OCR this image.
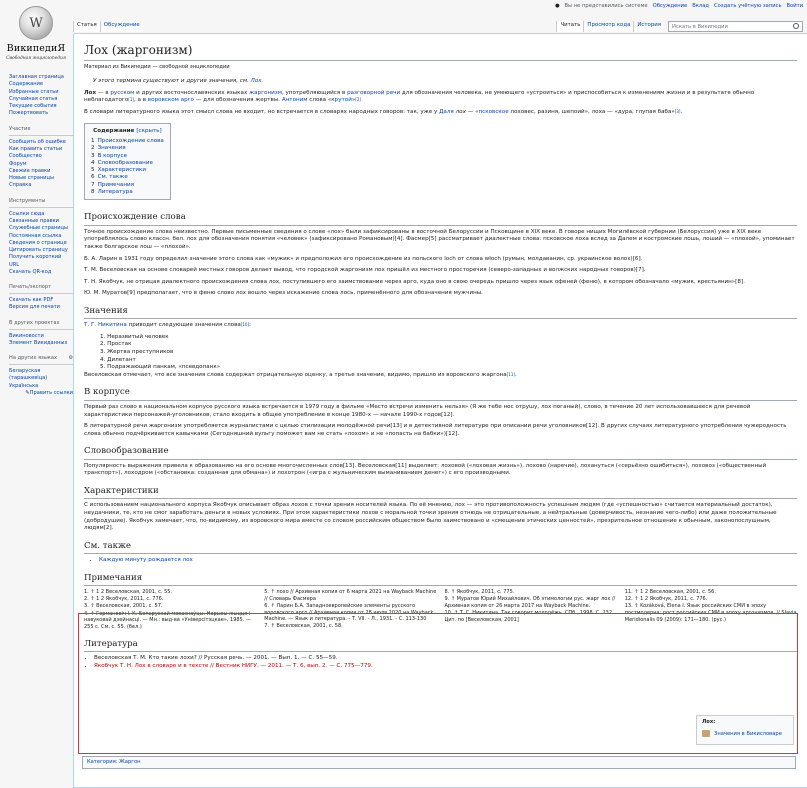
● Вы не представились системе Обсуждение Вклад Создать учётную запись Войти
W
ВикипедиЯ
Свободная энциклопедия
Заглавная страница
Содержание
Избранные статьи
Случайная статья
Текущие события
Пожертвовать
Участие
Сообщить об ошибке
Как править статьи
Сообщество
Форум
Свежие правки
Новые страницы
Справка
Инструменты
Ссылки сюда
Связанные правки
Служебные страницы
Постоянная ссылка
Сведения о странице
Цитировать страницу
Получить короткий URL
Скачать QR-код
Печать/экспорт
Скачать как PDF
Версия для печати
В других проектах
Викиновости
Элемент Викиданных
На других языках ⚙
Беларуская (тарашкевіца)
Українська
✎Править ссылки
Статья	Обсуждение	Читать	Просмотр кода	История	Искать в Википедии
Лох (жаргонизм)
Материал из Википедии — свободной энциклопедии
У этого термина существуют и другие значения, см. Лох.

Лох — в русском и других восточнославянских языках жаргонизм, употребляющийся в разговорной речи для обозначения человека, не умеющего «устроиться» и приспособиться к изменениям жизни и в результате обычно неблагодатого[1], а в воровском арго — для обозначения жертвы. Антоним слова «крутой»[2]

В словари литературного языка этот смысл слова не входит, но встречается в словарях народных говоров: так, уже у Даля лох — «псковское лоховес, разиня, шепоий», лоха — «дура, глупая баба»[3].

Содержание [скрыть]
1 Происхождение слова
2 Значения
3 В корпусе
4 Словообразование
5 Характеристики
6 См. также
7 Примечания
8 Литература
Происхождение слова

Точное происхождение слова неизвестно. Первые письменные сведения о слове «лох» были зафиксированы в восточной Белоруссии и Псковщине в XIX веке. В говоре нищих Могилёвской губернии (Белоруссия) уже в XIX веке употреблялось слово классн. бел. лох для обозначения понятия «человек» (зафиксировано Романовым)[4]. Фасмер[5] рассматривает диалектные слова: псковское лоха вслед за Далем и костромские лошь, лоший — «плохой», упоминает также болгарское лош — «плохой».

Б. А. Ларин в 1931 году определил значение этого слова как «мужик» и предположил его происхождение из польского loch от слова włoch (румын, молдаванин, ср. украинское волох)[6].

Т. М. Веселовская на основе словарей местных говоров делает вывод, что городской жаргонизм лох пришёл из местного просторечия (северо-западных и волжских народных говоров)[7].

Т. Н. Якобчук, не отрицая диалектного происхождения слова лох, поступившего его заимствование через арго, куда оно в свою очередь пришло через язык офеней (феню), в котором обозначало «мужик, крестьянин»[8].

Ю. М. Муратов[9] предполагает, что в феню слово лох вошло через искажение слова лось, применённого для обозначения мужчины.

Значения

Т. Г. Никитина приводит следующие значения слова[10]:

1. Неразвитый человек
2. Простак
3. Жертва преступников
4. Дилетант
5. Подражающий панкам, «псевдопанк»

Веселовская отмечает, что все значения слова содержат отрицательную оценку, а третье значение, видимо, пришло из воровского жаргона[11].

В корпусе

Первый раз слово в национальном корпусе русского языка встречается в 1979 году в фильме «Место встречи изменить нельзя» (Я же тебе нос отрушу, лох поганый), слово, в течение 20 лет использовавшееся для речевой характеристики персонажей-уголовников, стало входить в общее употребление в конце 1980-х — начале 1990-х годов[12].

В литературной речи жаргонизм употребляется журналистами с целью стилизации молодёжной речи[13] и в детективной литературе при описании речи уголовников[12]. В других случаях литературного употребления чужеродность слова обычно подчёркивается кавычками (Сегодняшний вульгу поможет вам не стать «лохом» и не «попасть на бабки»)[12].

Словообразование

Популярность выражения привела к образованию на его основе многочисленных слов[13]. Веселовская[11] выделяет: лоховой («лоховая жизнь»), лохово (наречие), лохануться («серьёзно ошибиться»), лоховоз («общественный транспорт»), лоходром («обстановка: созданная для обмана») и лохотрон («игра с жульническим выманиванием денег») с его производными.

Характеристики

С использованием национального корпуса Якобчук описывает образ лохов с точки зрения носителей языка. По её мнению, лох — это противоположность успешным людям (где «успешностью» считается материальный достаток), неудачники, те, кто не смог заработать деньги в новых условиях. При этом характеристики лохов с моральной точки зрения отнюдь не отрицательные, а нейтральные (доверчивость, незнание чего-либо) или даже положительные (добродушие). Якобчук замечает, что, по-видимому, из воровского мира вместе со словом российским обществом было заимствовано и «смещение этических ценностей», презрительное отношение к обычным, законопослушным, людям[2].

См. также
• Каждую минуту рождается лох
Примечания
1. ↑ 1 2 Веселовская, 2001, с. 55.
2. ↑ 1 2 Якобчук, 2011, с. 776.
3. ↑ Веселовская, 2001, с. 57.
4. ↑ Германовіч І. К. Беларускай мовазнаўцы. Нарысы жыцця і навуковай дзейнасці. — Мн.: выд-ва «Універсітэцкае», 1985. — 255 с. См. с. 55. (бел.)
5. ↑ лохо // Архивная копия от 6 марта 2021 на Wayback Machine // Словарь Фасмера
6. ↑ Ларин Б.А. Западноевропейские элементы русского воровского арго // Архивная копия от 28 июля 2020 на Wayback Machine. — Язык и литература. - Т. VII. - Л., 1931. - С. 113-130
7. ↑ Веселовская, 2001, с. 58.
8. ↑ Якобчук, 2011, с. 775.
9. ↑ Муратов Юрий Михайлович. Об этимологии рус. жарг лох // Архивная копия от 26 марта 2017 на Wayback Machine.
10. ↑ Т. Г. Никитина. Так говорит молодёжь. СПб., 1998. С. 232. Цит. по [Веселовская, 2001]
11. ↑ 1 2 Веселовская, 2001, с. 56.
12. ↑ 1 2 Якобчук, 2011, с. 776.
13. ↑ Kozáková, Elena I. Язык российских СМИ в эпоху постмодерна: рост российских СМИ в эпоху аргонизмов. // Slavia Meridionalis 09 (2009): 171—180. (рус.)
Литература
• Веселовская Т. М. Кто такие лохи? // Русская речь. — 2001. — Вып. 1. — С. 55—59.
• Якобчук Т. Н. Лох в словаре и в тексте // Вестник НИГУ. — 2011. — Т. 6, вып. 2. — С. 775—779.
Лох:
Значения в Викисловаре
Категория: Жаргон
